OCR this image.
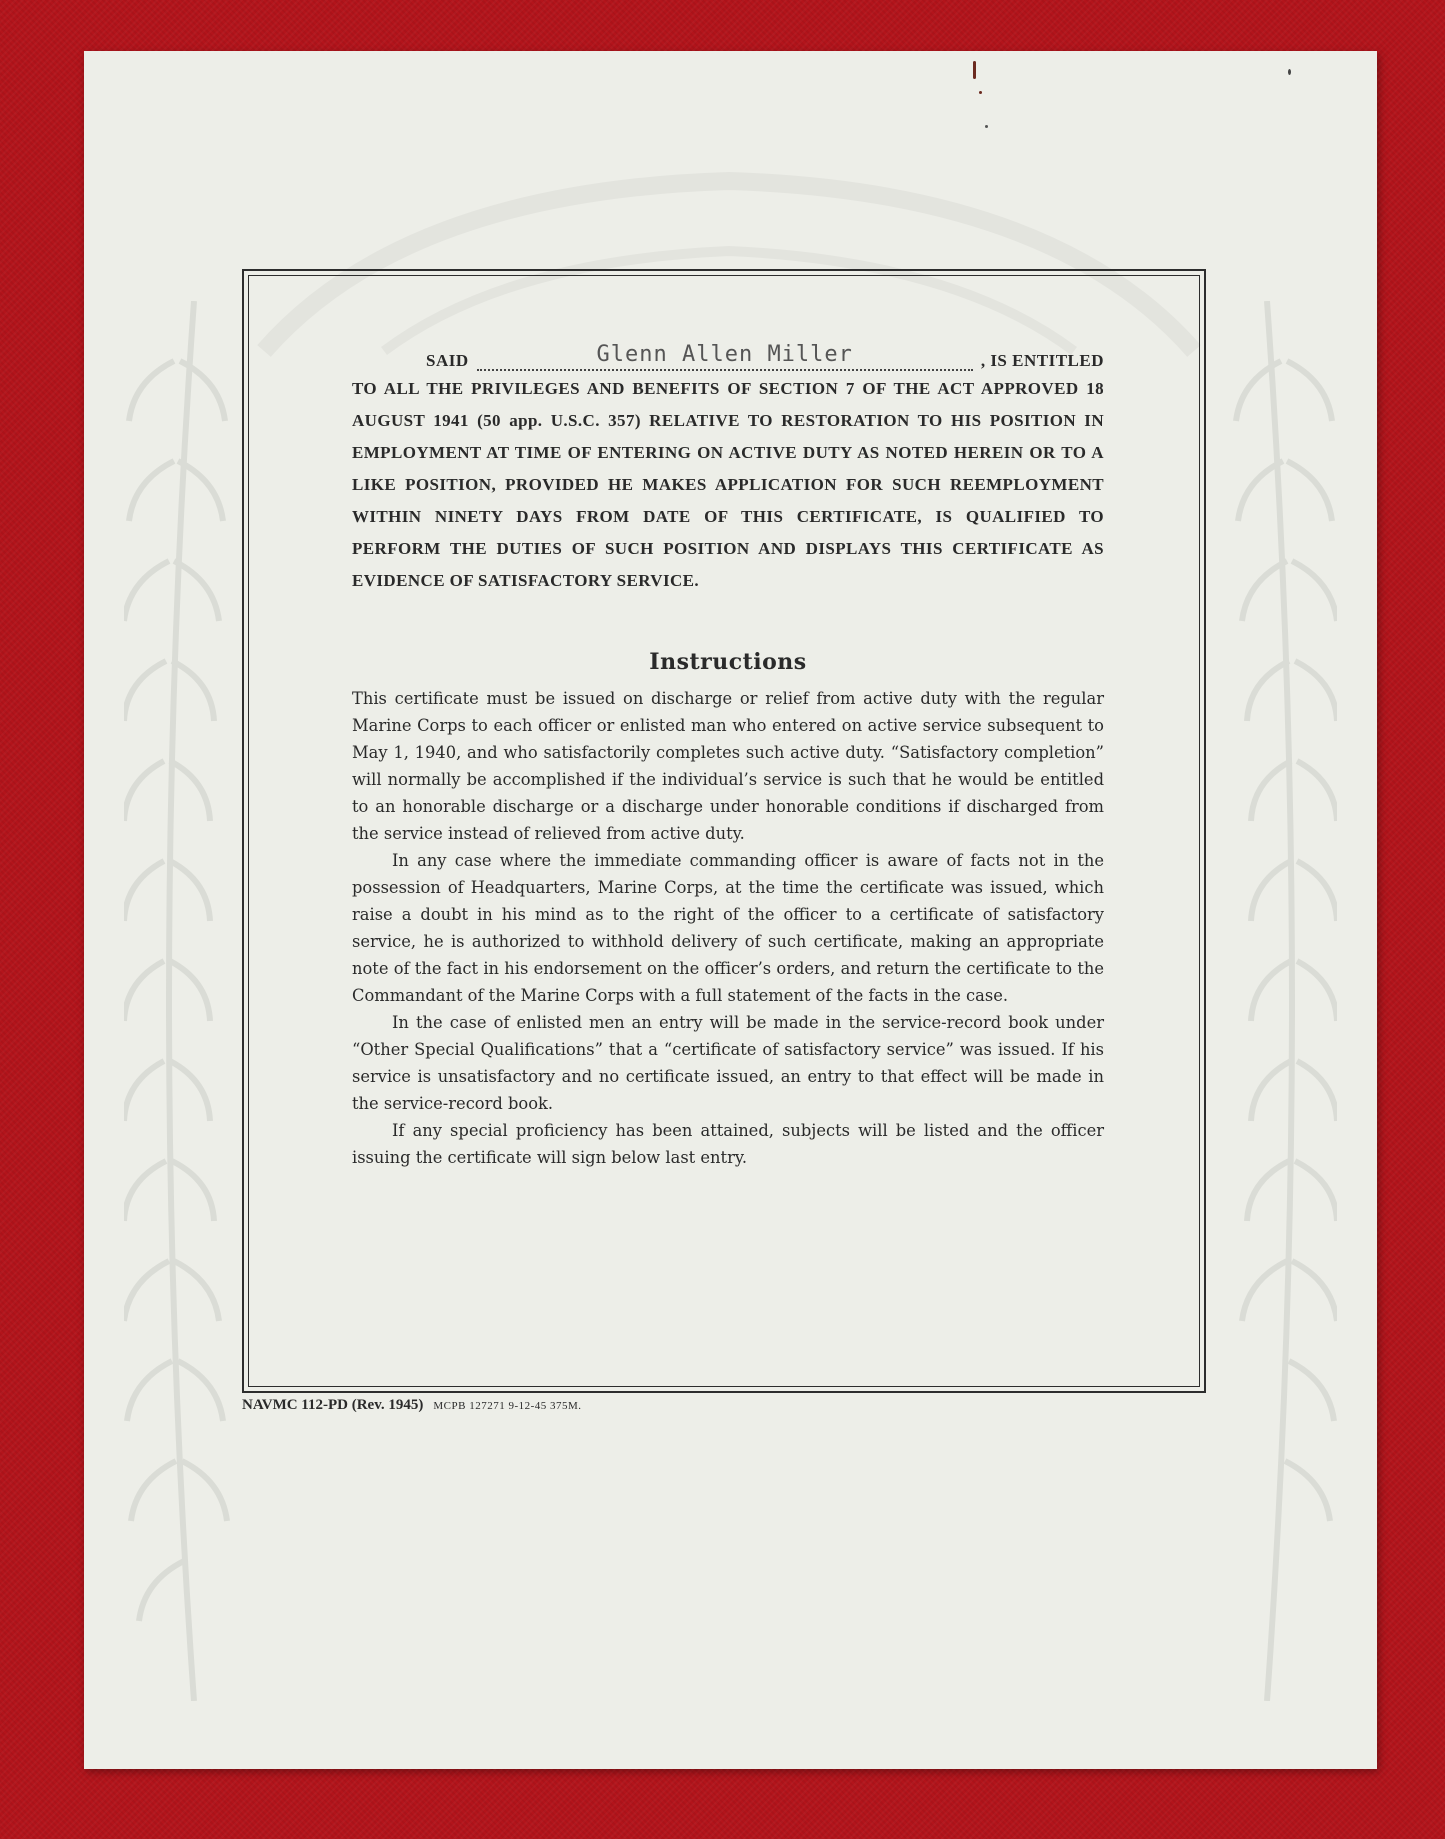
SAID	Glenn Allen Miller	, IS ENTITLED

TO ALL THE PRIVILEGES AND BENEFITS OF SECTION 7 OF THE ACT APPROVED 18 AUGUST 1941 (50 app. U.S.C. 357) RELATIVE TO RESTORATION TO HIS POSITION IN EMPLOYMENT AT TIME OF ENTERING ON ACTIVE DUTY AS NOTED HEREIN OR TO A LIKE POSITION, PROVIDED HE MAKES APPLICATION FOR SUCH REEMPLOYMENT WITHIN NINETY DAYS FROM DATE OF THIS CERTIFICATE, IS QUALIFIED TO PERFORM THE DUTIES OF SUCH POSITION AND DISPLAYS THIS CERTIFICATE AS EVIDENCE OF SATISFACTORY SERVICE.

Instructions

This certificate must be issued on discharge or relief from active duty with the regular Marine Corps to each officer or enlisted man who entered on active service subsequent to May 1, 1940, and who satisfactorily completes such active duty. “Satisfactory completion” will normally be accomplished if the individual’s service is such that he would be entitled to an honorable discharge or a discharge under honorable conditions if discharged from the service instead of relieved from active duty.

In any case where the immediate commanding officer is aware of facts not in the possession of Headquarters, Marine Corps, at the time the certificate was issued, which raise a doubt in his mind as to the right of the officer to a certificate of satisfactory service, he is authorized to withhold delivery of such certificate, making an appropriate note of the fact in his endorsement on the officer’s orders, and return the certificate to the Commandant of the Marine Corps with a full statement of the facts in the case.

In the case of enlisted men an entry will be made in the service-record book under “Other Special Qualifications” that a “certificate of satisfactory service” was issued. If his service is unsatisfactory and no certificate issued, an entry to that effect will be made in the service-record book.

If any special proficiency has been attained, subjects will be listed and the officer issuing the certificate will sign below last entry.

NAVMC 112-PD (Rev. 1945) MCPB 127271 9-12-45 375M.
